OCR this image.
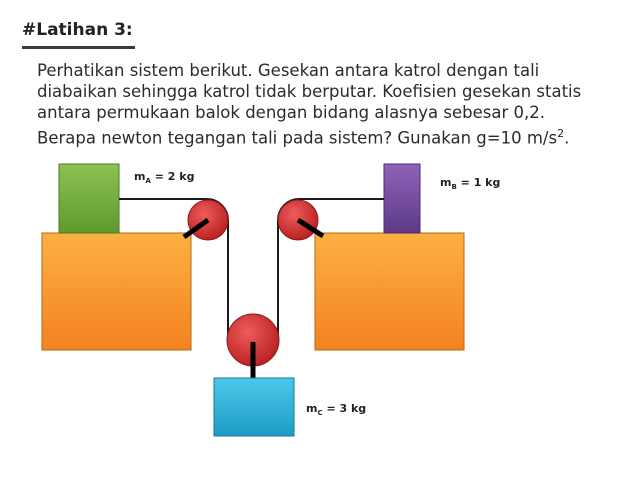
#Latihan 3:
Perhatikan sistem berikut. Gesekan antara katrol dengan tali
diabaikan sehingga katrol tidak berputar. Koefisien gesekan statis
antara permukaan balok dengan bidang alasnya sebesar 0,2.
Berapa newton tegangan tali pada sistem? Gunakan g=10 $m/s^2$.
$m_A = 2$ kg	$m_B = 1$ kg
$m_C = 3$ kg
